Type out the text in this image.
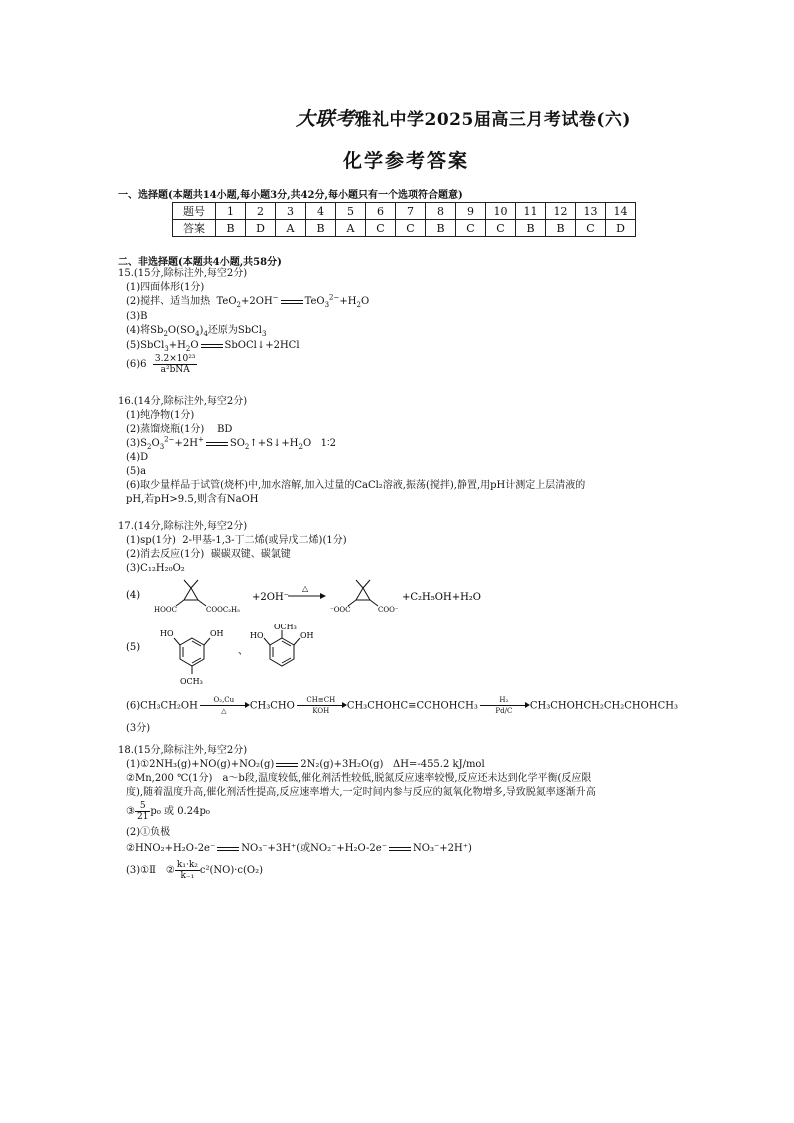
大联考雅礼中学2025届高三月考试卷(六)
化学参考答案
一、选择题(本题共14小题,每小题3分,共42分,每小题只有一个选项符合题意)
题号	1	2	3	4	5	6	7	8	9	10	11	12	13	14
答案	B	D	A	B	A	C	C	B	C	C	B	B	C	D
二、非选择题(本题共4小题,共58分)
15.(15分,除标注外,每空2分)
(1)四面体形(1分)
(2)搅拌、适当加热  TeO$_2$+2OH−	$TeO_3^{2-}+H_2O$
(3)B
(4)将$Sb_2O(SO_4)_4$还原为SbCl$_3$
$(5)SbCl_3+H_2O$	SbOCl↓+2HCl
$(6)6 \frac{\text{3.2×10²³}}{\text{a²bNA}}$
16.(14分,除标注外,每空2分)
(1)纯净物(1分)
(2)蒸馏烧瓶(1分) BD
$(3)S_2O_3^{2-}+2H^+$	$SO_2↑+S↓+H_2O$   1∶2
(4)D
(5)a
(6)取少量样品于试管(烧杯)中,加水溶解,加入过量的CaCl₂溶液,振荡(搅拌),静置,用pH计测定上层清液的
pH,若pH>9.5,则含有NaOH
17.(14分,除标注外,每空2分)
(1)sp(1分) 2-甲基-1,3-丁二烯(或异戊二烯)(1分)
(2)消去反应(1分) 碳碳双键、碳氯键
(3)C₁₂H₂₀O₂
(4)
HOOC	COOC₂H₅
+2OH⁻
△
⁻OOC	COO⁻
+C₂H₅OH+H₂O
(5)
HO	OH
OCH₃
、
HO	OH
OCH₃
(6)CH₃CH₂OH
O₂,Cu
△	CH₃CHO
CH≡CH
KOH	CH₃CHOHC≡CCHOHCH₃ $\frac{\text{H₂}}{Pd/C}$ CH₃CHOHCH₂CH₂CHOHCH₃
(3分)
18.(15分,除标注外,每空2分)
(1)①2NH₃(g)+NO(g)+NO₂(g)	2N₂(g)+3H₂O(g) ΔH=-455.2 kJ/mol
②Mn,200 ℃(1分)　a～b段,温度较低,催化剂活性较低,脱氮反应速率较慢,反应还未达到化学平衡(反应限
度),随着温度升高,催化剂活性提高,反应速率增大,一定时间内参与反应的氮氧化物增多,导致脱氮率逐渐升高
③ $\frac{5}{21} p_0$ 或 0.24p₀
(2)①负极
②HNO₂+H₂O-2e⁻	NO₃⁻+3H⁺(或NO₂⁻+H₂O-2e⁻	NO₃⁻+2H⁺)
(3)①Ⅱ　② $\frac{\text{k₁·k₂}}{\text{k₋₁}} c^2(NO)\cdot c(O_2)$
